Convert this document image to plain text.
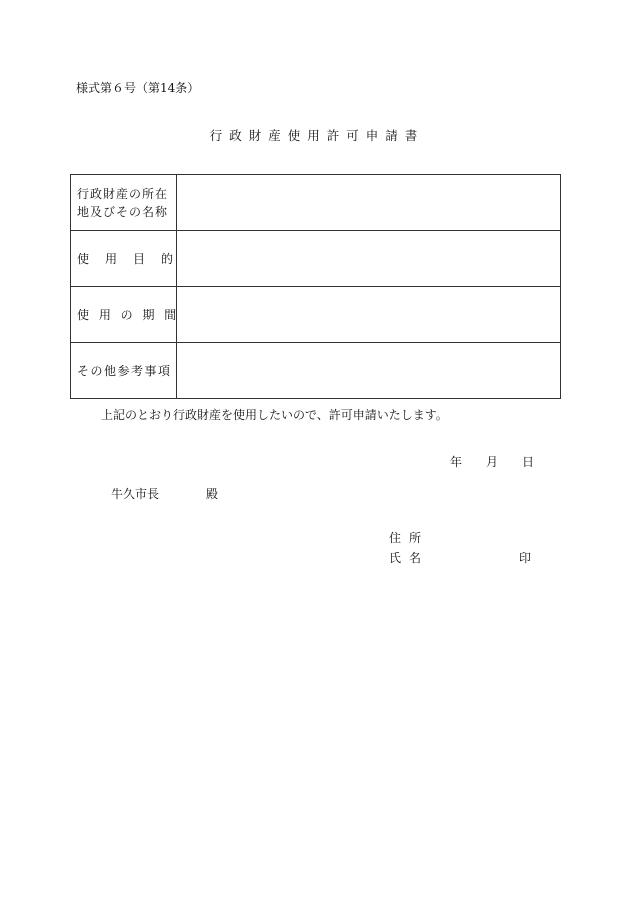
様式第６号（第14条）
行政財産使用許可申請書
行政財産の所在
地及びその名称	

使 用 目 的	

使 用 の 期 間	
その他参考事項	
上記のとおり行政財産を使用したいので、許可申請いたします。
年 月 日
牛久市長	殿
住所
氏名	印
